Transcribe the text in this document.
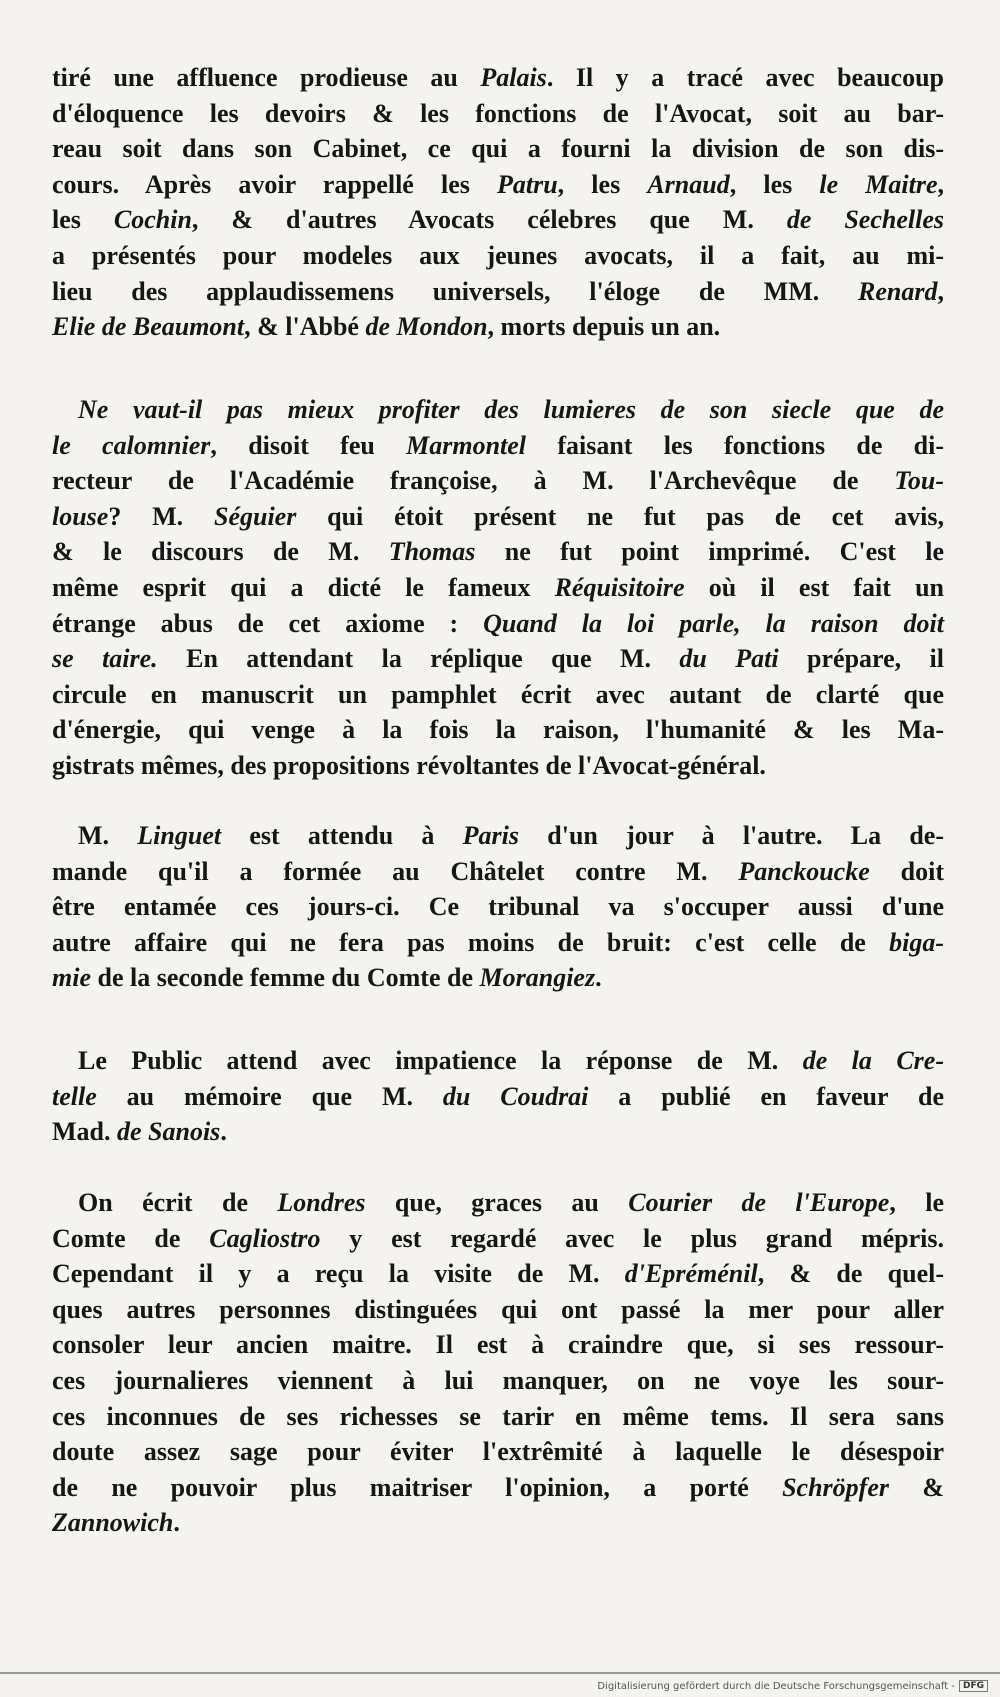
tiré une affluence prodieuse au Palais. Il y a tracé avec beaucoup
d'éloquence les devoirs & les fonctions de l'Avocat, soit au bar-
reau soit dans son Cabinet, ce qui a fourni la division de son dis-
cours. Après avoir rappellé les Patru, les Arnaud, les le Maitre,
les Cochin, & d'autres Avocats célebres que M. de Sechelles
a présentés pour modeles aux jeunes avocats, il a fait, au mi-
lieu des applaudissemens universels, l'éloge de MM. Renard,
Elie de Beaumont, & l'Abbé de Mondon, morts depuis un an.
 Ne vaut-il pas mieux profiter des lumieres de son siecle que de
le calomnier, disoit feu Marmontel faisant les fonctions de di-
recteur de l'Académie françoise, à M. l'Archevêque de Tou-
louse? M. Séguier qui étoit présent ne fut pas de cet avis,
& le discours de M. Thomas ne fut point imprimé. C'est le
même esprit qui a dicté le fameux Réquisitoire où il est fait un
étrange abus de cet axiome : Quand la loi parle, la raison doit
se taire. En attendant la réplique que M. du Pati prépare, il
circule en manuscrit un pamphlet écrit avec autant de clarté que
d'énergie, qui venge à la fois la raison, l'humanité & les Ma-
gistrats mêmes, des propositions révoltantes de l'Avocat-général.
 M. Linguet est attendu à Paris d'un jour à l'autre. La de-
mande qu'il a formée au Châtelet contre M. Panckoucke doit
être entamée ces jours-ci. Ce tribunal va s'occuper aussi d'une
autre affaire qui ne fera pas moins de bruit: c'est celle de biga-
mie de la seconde femme du Comte de Morangiez.
 Le Public attend avec impatience la réponse de M. de la Cre-
telle au mémoire que M. du Coudrai a publié en faveur de
Mad. de Sanois.
 On écrit de Londres que, graces au Courier de l'Europe, le
Comte de Cagliostro y est regardé avec le plus grand mépris.
Cependant il y a reçu la visite de M. d'Epréménil, & de quel-
ques autres personnes distinguées qui ont passé la mer pour aller
consoler leur ancien maitre. Il est à craindre que, si ses ressour-
ces journalieres viennent à lui manquer, on ne voye les sour-
ces inconnues de ses richesses se tarir en même tems. Il sera sans
doute assez sage pour éviter l'extrêmité à laquelle le désespoir
de ne pouvoir plus maitriser l'opinion, a porté Schröpfer &
Zannowich.
Digitalisierung gefördert durch die Deutsche Forschungsgemeinschaft - DFG
